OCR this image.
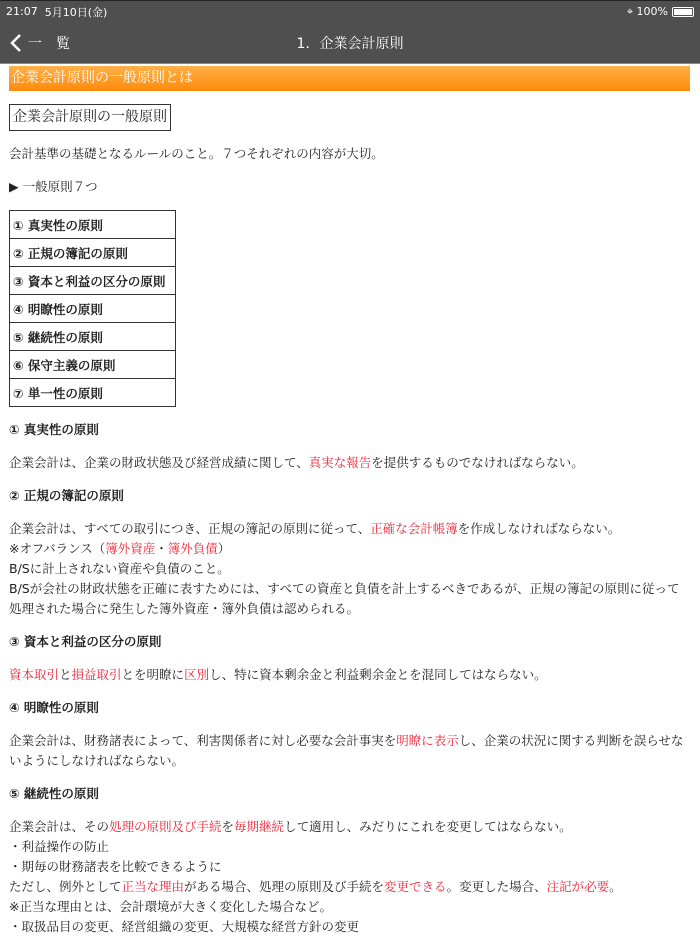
21:07
5月10日(金)	⌖
100%
一　覧	1．企業会計原則
企業会計原則の一般原則とは
企業会計原則の一般原則

会計基準の基礎となるルールのこと。７つそれぞれの内容が大切。

▶ 一般原則７つ

① 真実性の原則
② 正規の簿記の原則
③ 資本と利益の区分の原則
④ 明瞭性の原則
⑤ 継続性の原則
⑥ 保守主義の原則
⑦ 単一性の原則
① 真実性の原則

企業会計は、企業の財政状態及び経営成績に関して、真実な報告を提供するものでなければならない。

② 正規の簿記の原則

企業会計は、すべての取引につき、正規の簿記の原則に従って、正確な会計帳簿を作成しなければならない。

※オフバランス（簿外資産・簿外負債）

B/Sに計上されない資産や負債のこと。

B/Sが会社の財政状態を正確に表すためには、すべての資産と負債を計上するべきであるが、正規の簿記の原則に従って処理された場合に発生した簿外資産・簿外負債は認められる。

③ 資本と利益の区分の原則

資本取引と損益取引とを明瞭に区別し、特に資本剰余金と利益剰余金とを混同してはならない。

④ 明瞭性の原則

企業会計は、財務諸表によって、利害関係者に対し必要な会計事実を明瞭に表示し、企業の状況に関する判断を誤らせないようにしなければならない。

⑤ 継続性の原則

企業会計は、その処理の原則及び手続を毎期継続して適用し、みだりにこれを変更してはならない。

・利益操作の防止

・期毎の財務諸表を比較できるように

ただし、例外として正当な理由がある場合、処理の原則及び手続を変更できる。変更した場合、注記が必要。

※正当な理由とは、会計環境が大きく変化した場合など。

・取扱品目の変更、経営組織の変更、大規模な経営方針の変更
